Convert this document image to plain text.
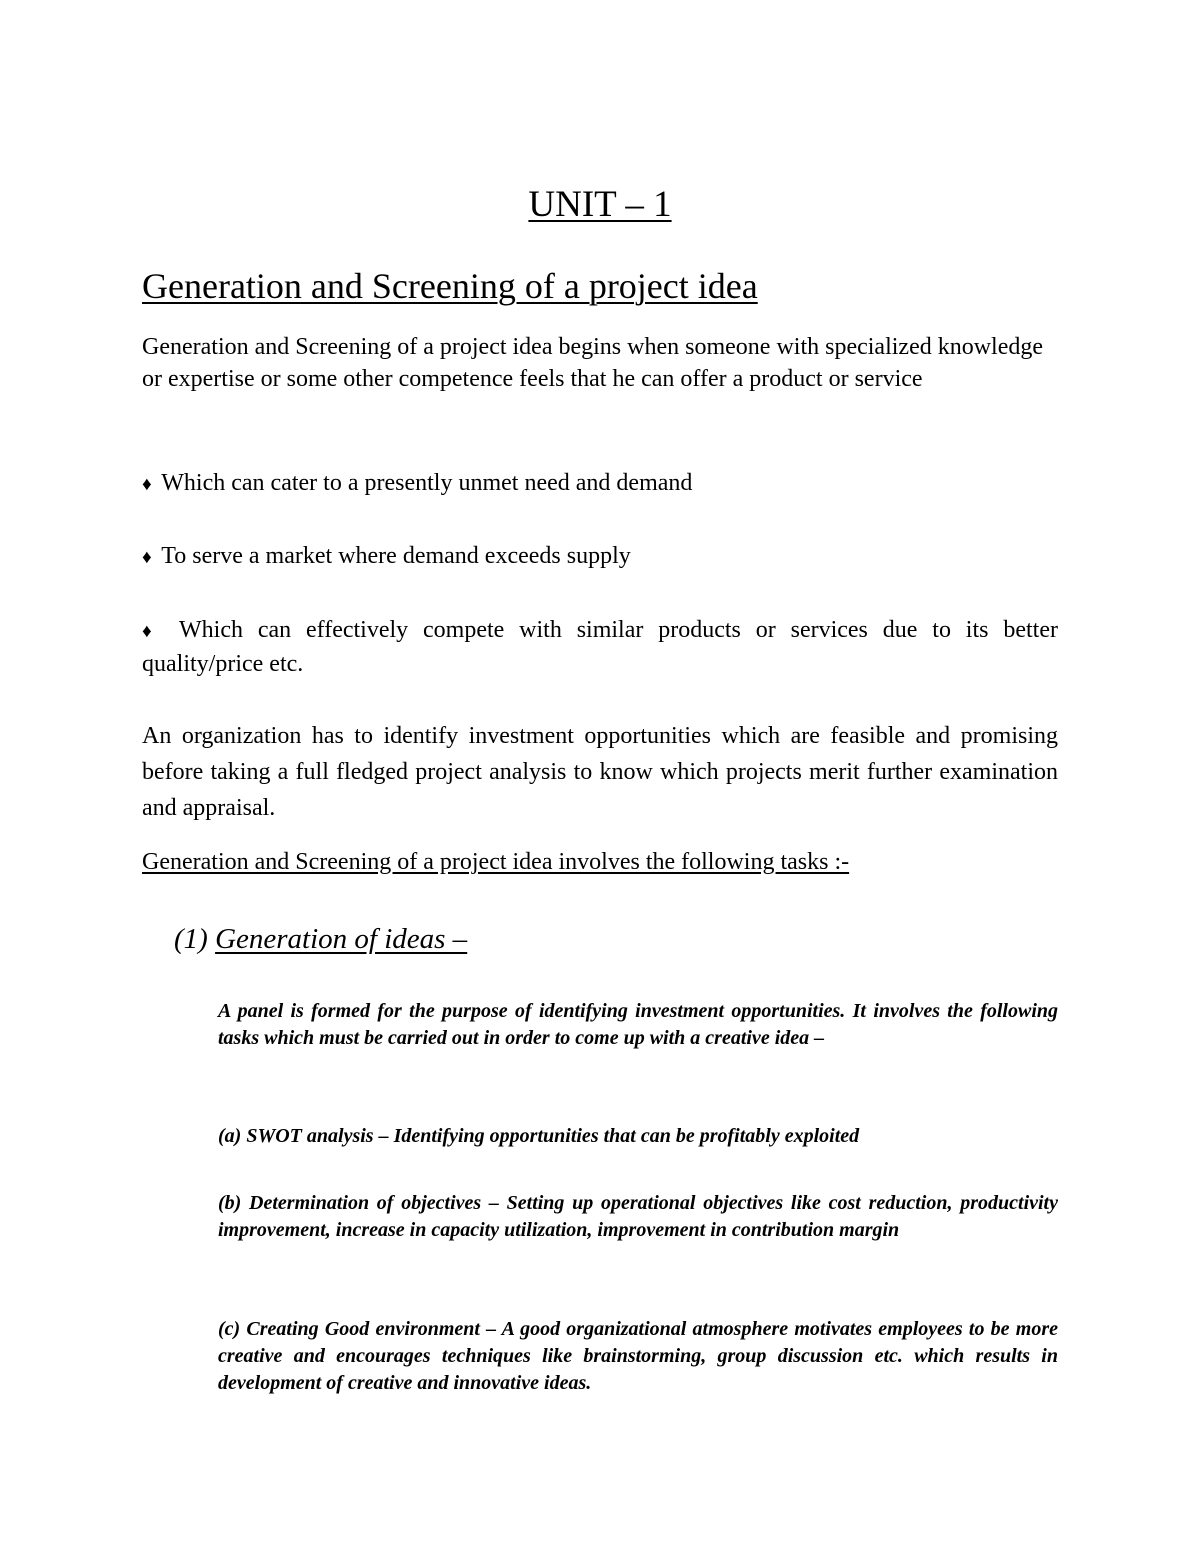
UNIT – 1
Generation and Screening of a project idea

Generation and Screening of a project idea begins when someone with specialized knowledge or expertise or some other competence feels that he can offer a product or service

♦ Which can cater to a presently unmet need and demand

♦ To serve a market where demand exceeds supply

♦ Which can effectively compete with similar products or services due to its better quality/price etc.

An organization has to identify investment opportunities which are feasible and promising before taking a full fledged project analysis to know which projects merit further examination and appraisal.

Generation and Screening of a project idea involves the following tasks :-

(1) Generation of ideas –

A panel is formed for the purpose of identifying investment opportunities. It involves the following tasks which must be carried out in order to come up with a creative idea –

(a) SWOT analysis – Identifying opportunities that can be profitably exploited

(b) Determination of objectives – Setting up operational objectives like cost reduction, productivity improvement, increase in capacity utilization, improvement in contribution margin

(c) Creating Good environment – A good organizational atmosphere motivates employees to be more creative and encourages techniques like brainstorming, group discussion etc. which results in development of creative and innovative ideas.
